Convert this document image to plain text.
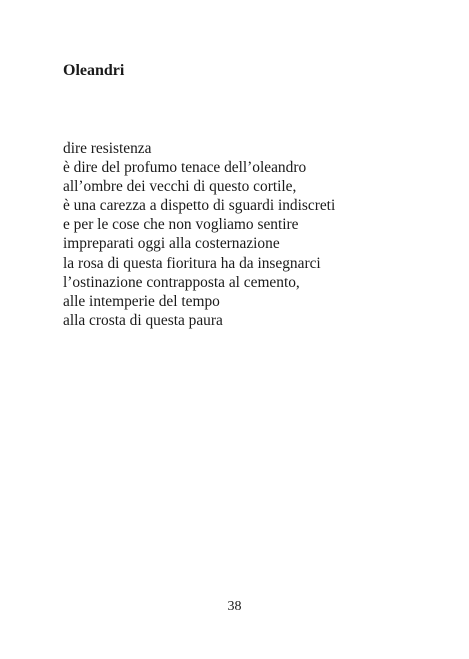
Oleandri
dire resistenza
è dire del profumo tenace dell’oleandro
all’ombre dei vecchi di questo cortile,
è una carezza a dispetto di sguardi indiscreti
e per le cose che non vogliamo sentire
impreparati oggi alla costernazione
la rosa di questa fioritura ha da insegnarci
l’ostinazione contrapposta al cemento,
alle intemperie del tempo
alla crosta di questa paura
38
